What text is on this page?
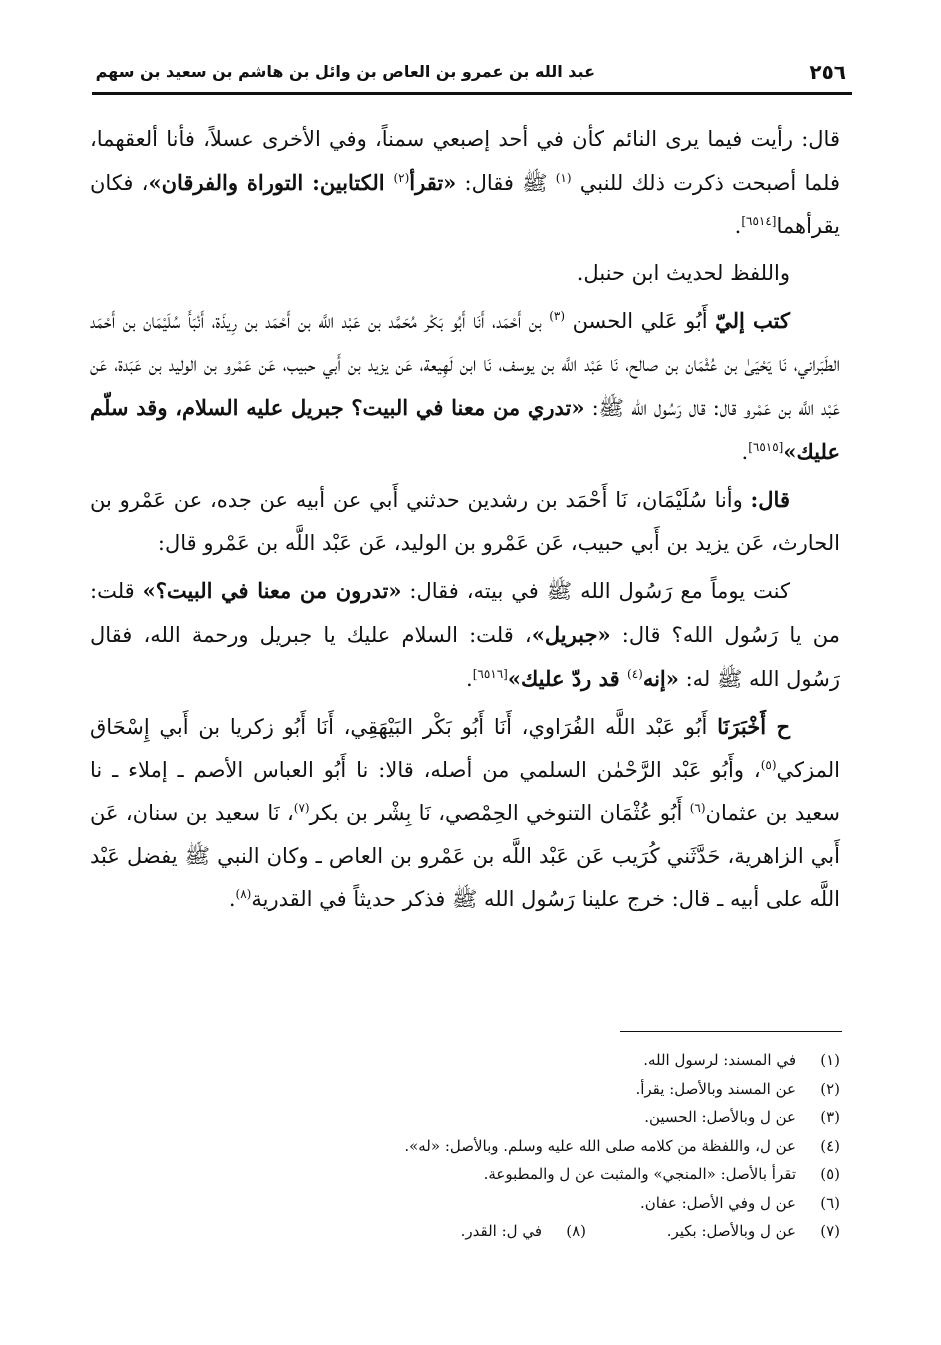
٢٥٦
عبد الله بن عمرو بن العاص بن وائل بن هاشم بن سعيد بن سهم

قال: رأيت فيما يرى النائم كأن في أحد إصبعي سمناً، وفي الأخرى عسلاً، فأنا ألعقهما، فلما أصبحت ذكرت ذلك للنبي $^{(١)}$ ﷺ فقال: «تقرأ$^{(٢)}$ الكتابين: التوراة والفرقان»، فكان يقرأهما[٦٥١٤].

واللفظ لحديث ابن حنبل.

كتب إليّ أَبُو عَلي الحسن $^{(٣)}$ بن أَحْمَد، أَنَا أَبُو بَكْر مُحَمَّد بن عَبْد اللَّه بن أَحْمَد بن رِيذَة، أَنْبَأَ سُلَيْمَان بن أَحْمَد الطَبَراني، نَا يَحْيَىٰ بن عُثْمَان بن صالح، نَا عَبْد اللَّه بن يوسف، نَا ابن لَهِيعة، عَن يزيد بن أَبي حبيب، عَن عَمْرو بن الوليد بن عَبَدة، عَن عَبْد اللَّه بن عَمْرو قال: قال رَسُول الله ﷺ: «تدري من معنا في البيت؟ جبريل عليه السلام، وقد سلّم عليك»[٦٥١٥].

قال: وأنا سُلَيْمَان، نَا أَحْمَد بن رشدين حدثني أَبي عن أبيه عن جده، عن عَمْرو بن الحارث، عَن يزيد بن أَبي حبيب، عَن عَمْرو بن الوليد، عَن عَبْد اللَّه بن عَمْرو قال:

كنت يوماً مع رَسُول الله ﷺ في بيته، فقال: «تدرون من معنا في البيت؟» قلت: من يا رَسُول الله؟ قال: «جبريل»، قلت: السلام عليك يا جبريل ورحمة الله، فقال رَسُول الله ﷺ له: «إنه$^{(٤)}$ قد ردّ عليك»[٦٥١٦].

ح أَخْبَرَنَا أَبُو عَبْد اللَّه الفُرَاوي، أَنَا أَبُو بَكْر البَيْهَقِي، أَنَا أَبُو زكريا بن أَبي إِسْحَاق المزكي$^{(٥)}$، وأَبُو عَبْد الرَّحْمٰن السلمي من أصله، قالا: نا أَبُو العباس الأصم ـ إملاء ـ نا سعيد بن عثمان$^{(٦)}$ أَبُو عُثْمَان التنوخي الحِمْصي، نَا بِشْر بن بكر$^{(٧)}$، نَا سعيد بن سنان، عَن أَبي الزاهرية، حَدَّثَني كُرَيب عَن عَبْد اللَّه بن عَمْرو بن العاص ـ وكان النبي ﷺ يفضل عَبْد اللَّه على أبيه ـ قال: خرج علينا رَسُول الله ﷺ فذكر حديثاً في القدرية$^{(٨)}$.

(١)
في المسند: لرسول الله.
(٢)
عن المسند وبالأصل: يقرأ.
(٣)
عن ل وبالأصل: الحسين.
(٤)
عن ل، واللفظة من كلامه صلى الله عليه وسلم. وبالأصل: «له».
(٥)
تقرأ بالأصل: «المنجي» والمثبت عن ل والمطبوعة.
(٦)
عن ل وفي الأصل: عفان.
(٧)
عن ل وبالأصل: بكير.
(٨)
في ل: القدر.
